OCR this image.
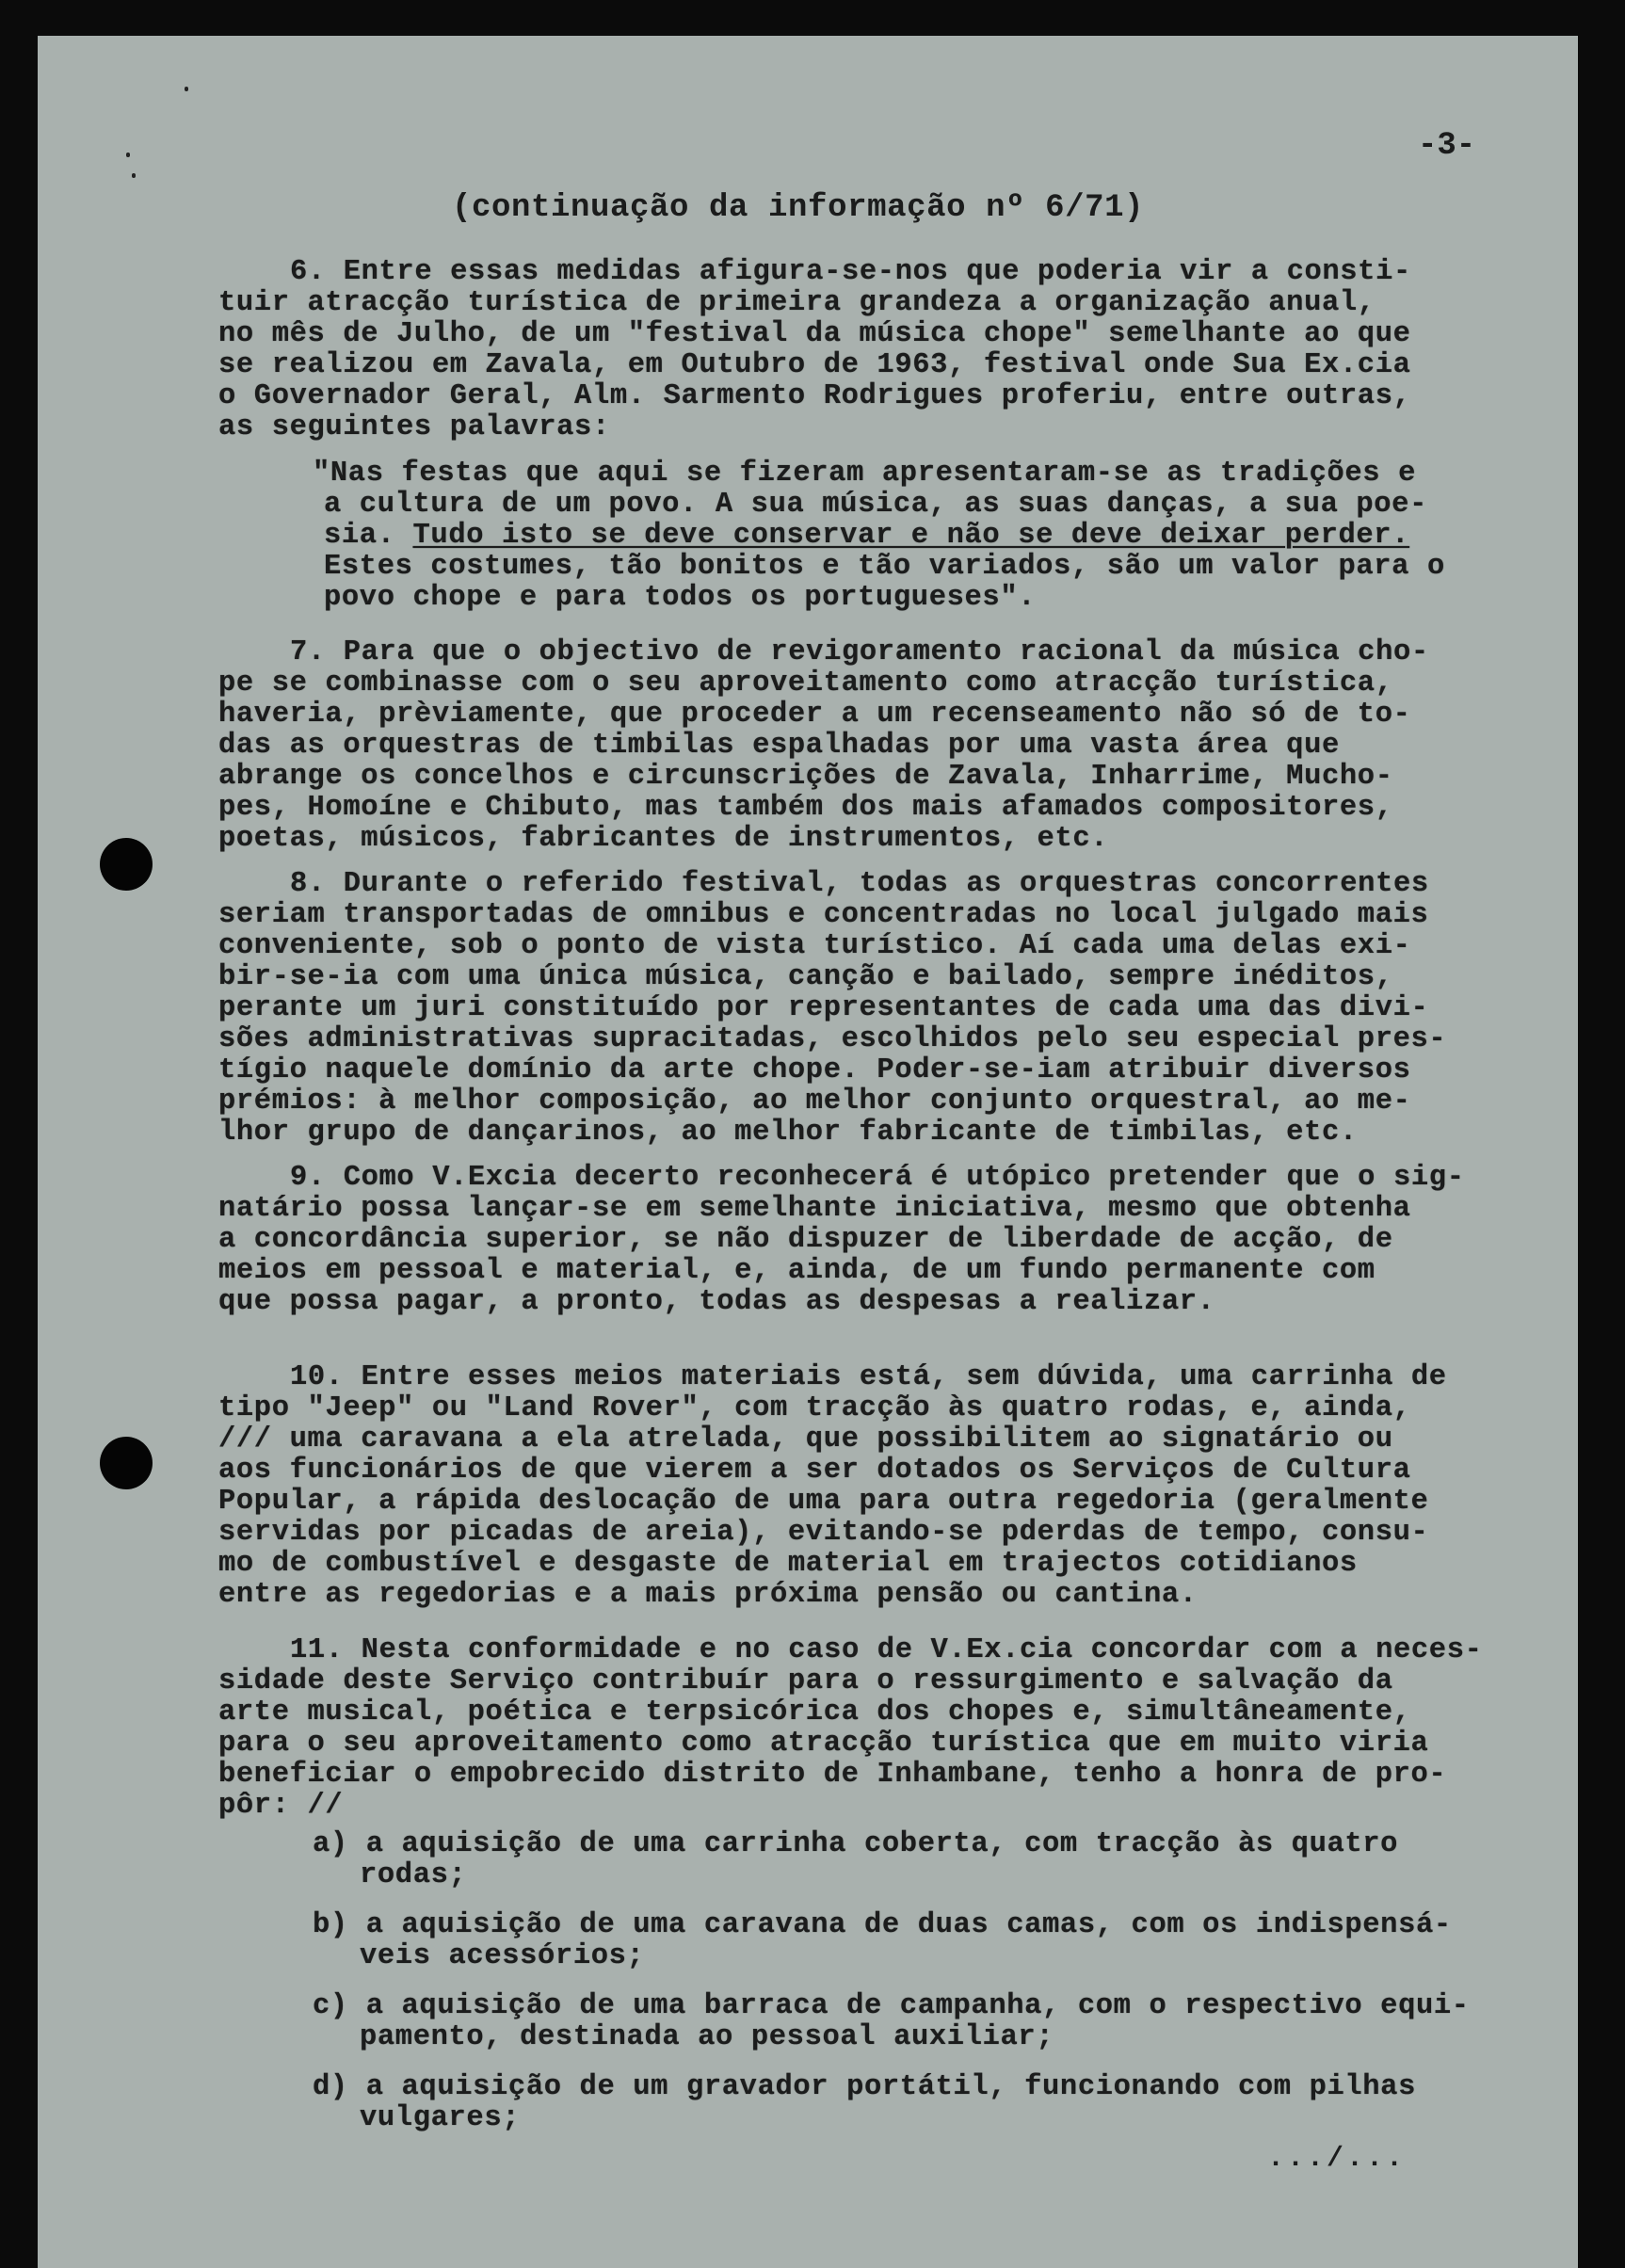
-3-
(continuação da informação nº 6/71)
6. Entre essas medidas afigura-se-nos que poderia vir a consti-
tuir atracção turística de primeira grandeza a organização anual,
no mês de Julho, de um "festival da música chope" semelhante ao que
se realizou em Zavala, em Outubro de 1963, festival onde Sua Ex.cia
o Governador Geral, Alm. Sarmento Rodrigues proferiu, entre outras,
as seguintes palavras:
"Nas festas que aqui se fizeram apresentaram-se as tradições e
a cultura de um povo. A sua música, as suas danças, a sua poe-
sia. Tudo isto se deve conservar e não se deve deixar perder.
Estes costumes, tão bonitos e tão variados, são um valor para o
povo chope e para todos os portugueses".
7. Para que o objectivo de revigoramento racional da música cho-
pe se combinasse com o seu aproveitamento como atracção turística,
haveria, prèviamente, que proceder a um recenseamento não só de to-
das as orquestras de timbilas espalhadas por uma vasta área que
abrange os concelhos e circunscrições de Zavala, Inharrime, Mucho-
pes, Homoíne e Chibuto, mas também dos mais afamados compositores,
poetas, músicos, fabricantes de instrumentos, etc.
8. Durante o referido festival, todas as orquestras concorrentes
seriam transportadas de omnibus e concentradas no local julgado mais
conveniente, sob o ponto de vista turístico. Aí cada uma delas exi-
bir-se-ia com uma única música, canção e bailado, sempre inéditos,
perante um juri constituído por representantes de cada uma das divi-
sões administrativas supracitadas, escolhidos pelo seu especial pres-
tígio naquele domínio da arte chope. Poder-se-iam atribuir diversos
prémios: à melhor composição, ao melhor conjunto orquestral, ao me-
lhor grupo de dançarinos, ao melhor fabricante de timbilas, etc.
9. Como V.Excia decerto reconhecerá é utópico pretender que o sig-
natário possa lançar-se em semelhante iniciativa, mesmo que obtenha
a concordância superior, se não dispuzer de liberdade de acção, de
meios em pessoal e material, e, ainda, de um fundo permanente com
que possa pagar, a pronto, todas as despesas a realizar.
10. Entre esses meios materiais está, sem dúvida, uma carrinha de
tipo "Jeep" ou "Land Rover", com tracção às quatro rodas, e, ainda,
/// uma caravana a ela atrelada, que possibilitem ao signatário ou
aos funcionários de que vierem a ser dotados os Serviços de Cultura
Popular, a rápida deslocação de uma para outra regedoria (geralmente
servidas por picadas de areia), evitando-se pderdas de tempo, consu-
mo de combustível e desgaste de material em trajectos cotidianos
entre as regedorias e a mais próxima pensão ou cantina.
11. Nesta conformidade e no caso de V.Ex.cia concordar com a neces-
sidade deste Serviço contribuír para o ressurgimento e salvação da
arte musical, poética e terpsicórica dos chopes e, simultâneamente,
para o seu aproveitamento como atracção turística que em muito viria
beneficiar o empobrecido distrito de Inhambane, tenho a honra de pro-
pôr: //
a) a aquisição de uma carrinha coberta, com tracção às quatro
rodas;
b) a aquisição de uma caravana de duas camas, com os indispensá-
veis acessórios;
c) a aquisição de uma barraca de campanha, com o respectivo equi-
pamento, destinada ao pessoal auxiliar;
d) a aquisição de um gravador portátil, funcionando com pilhas
vulgares;
.../...
